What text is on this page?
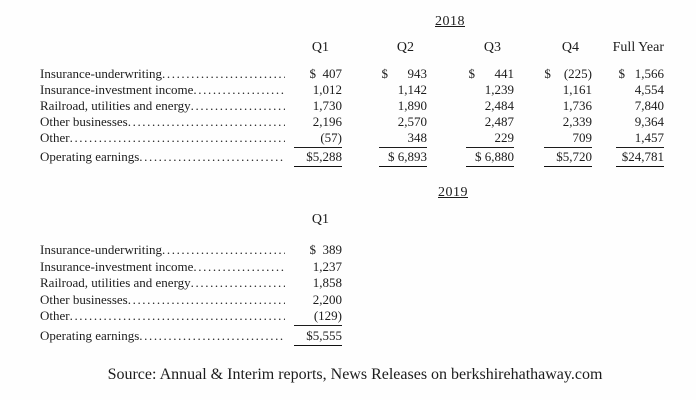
2018
Q1	Q2	Q3	Q4	Full Year
Insurance-underwriting .....	$  407	$      943	$      441	$    (225)	$   1,566
Insurance-investment income .....	1,012	1,142	1,239	1,161	4,554
Railroad, utilities and energy .....	1,730	1,890	2,484	1,736	7,840
Other businesses .....	2,196	2,570	2,487	2,339	9,364
Other .....	(57)	348	229	709	1,457
Operating earnings .....	$5,288	$ 6,893	$ 6,880	$5,720	$24,781
2019
Q1
Insurance-underwriting .....	$  389
Insurance-investment income .....	1,237
Railroad, utilities and energy .....	1,858
Other businesses .....	2,200
Other .....	(129)
Operating earnings .....	$5,555
Source: Annual & Interim reports, News Releases on berkshirehathaway.com
